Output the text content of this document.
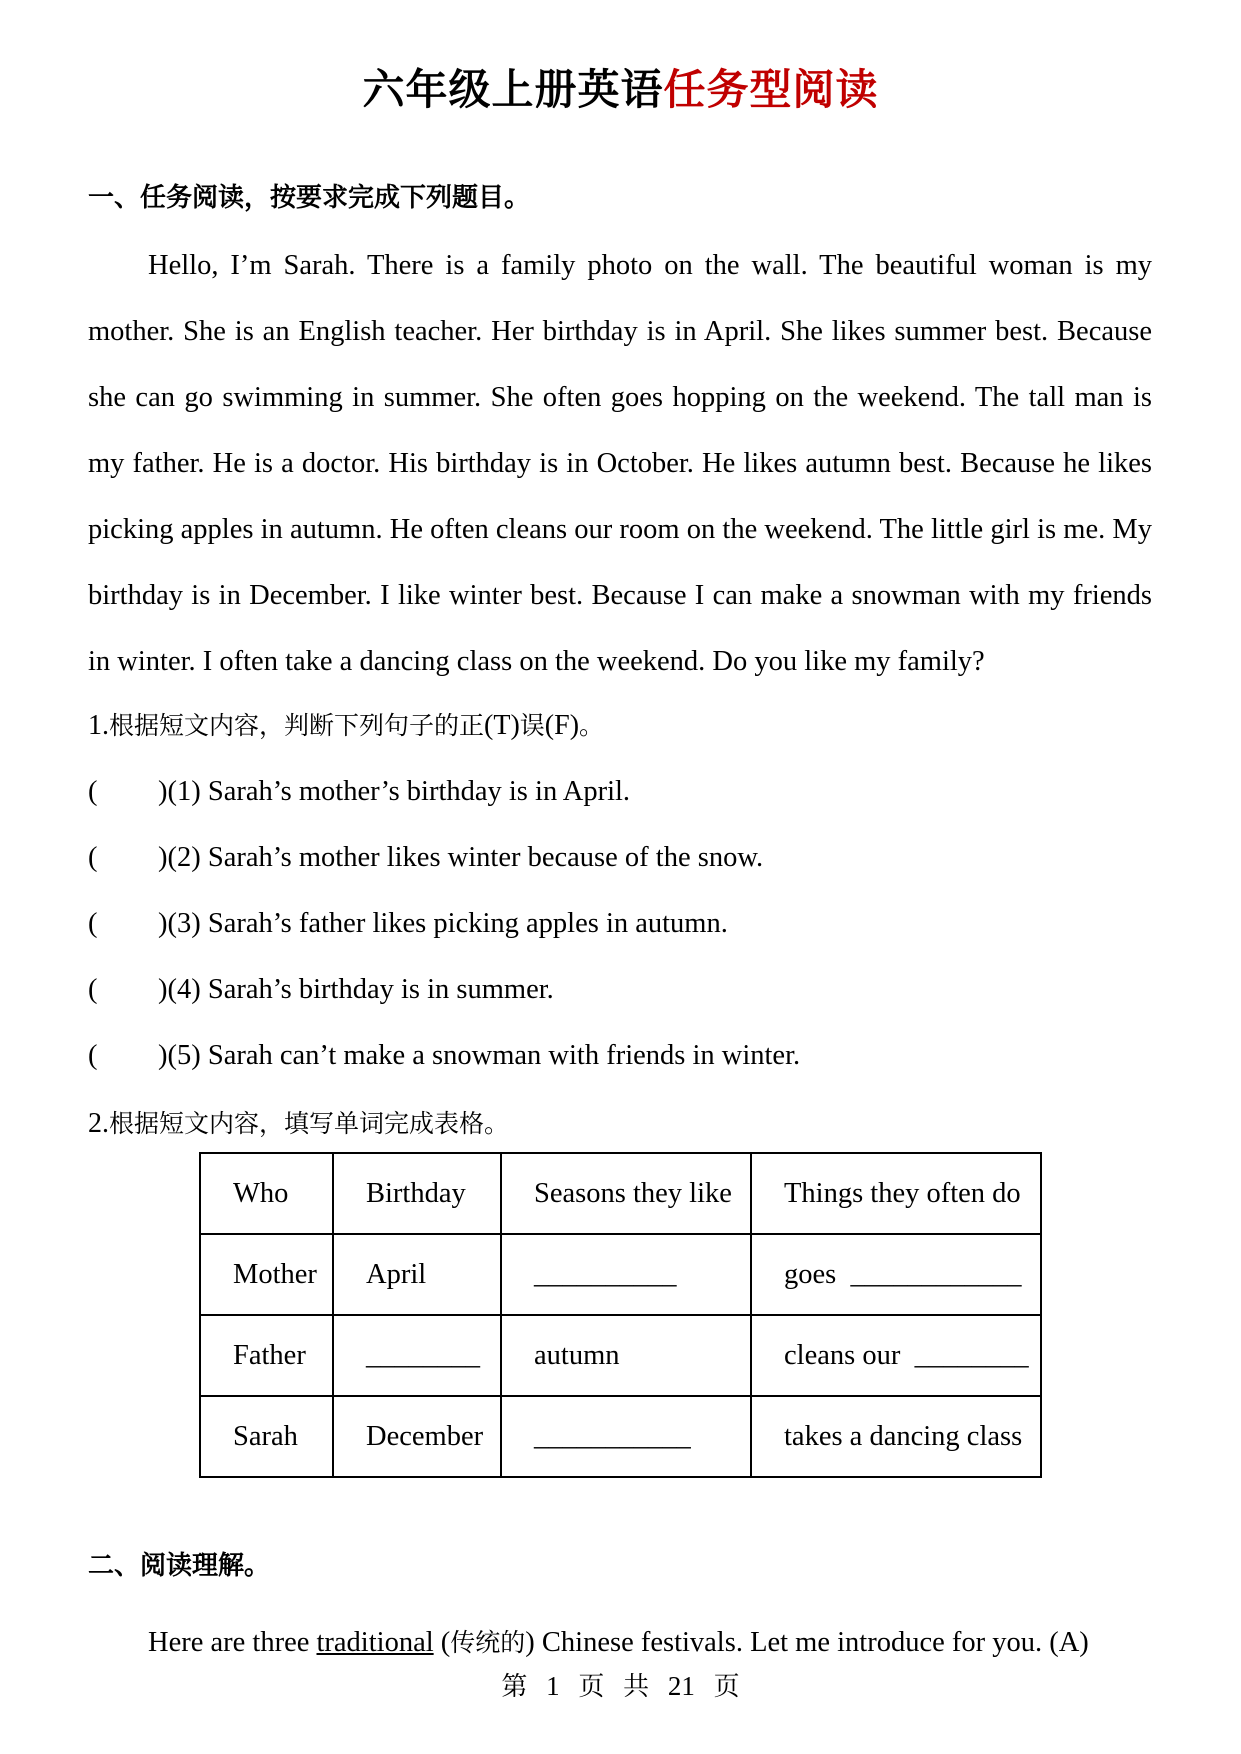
六年级上册英语任务型阅读
一、任务阅读，按要求完成下列题目。
Hello, I’m Sarah. There is a family photo on the wall. The beautiful woman is my mother. She is an English teacher. Her birthday is in April. She likes summer best. Because she can go swimming in summer. She often goes hopping on the weekend. The tall man is my father. He is a doctor. His birthday is in October. He likes autumn best. Because he likes picking apples in autumn. He often cleans our room on the weekend. The little girl is me. My birthday is in December. I like winter best. Because I can make a snowman with my friends in winter. I often take a dancing class on the weekend. Do you like my family?
1.根据短文内容，判断下列句子的正(T)误(F)。
( )(1) Sarah’s mother’s birthday is in April.
( )(2) Sarah’s mother likes winter because of the snow.
( )(3) Sarah’s father likes picking apples in autumn.
( )(4) Sarah’s birthday is in summer.
( )(5) Sarah can’t make a snowman with friends in winter.
2.根据短文内容，填写单词完成表格。
Who	Birthday	Seasons they like	Things they often do
Mother	April	__________	goes  ____________
Father	________	autumn	cleans our  ________
Sarah	December	___________	takes a dancing class
二、阅读理解。
Here are three traditional (传统的) Chinese festivals. Let me introduce for you. (A)
第 1 页 共 21 页
